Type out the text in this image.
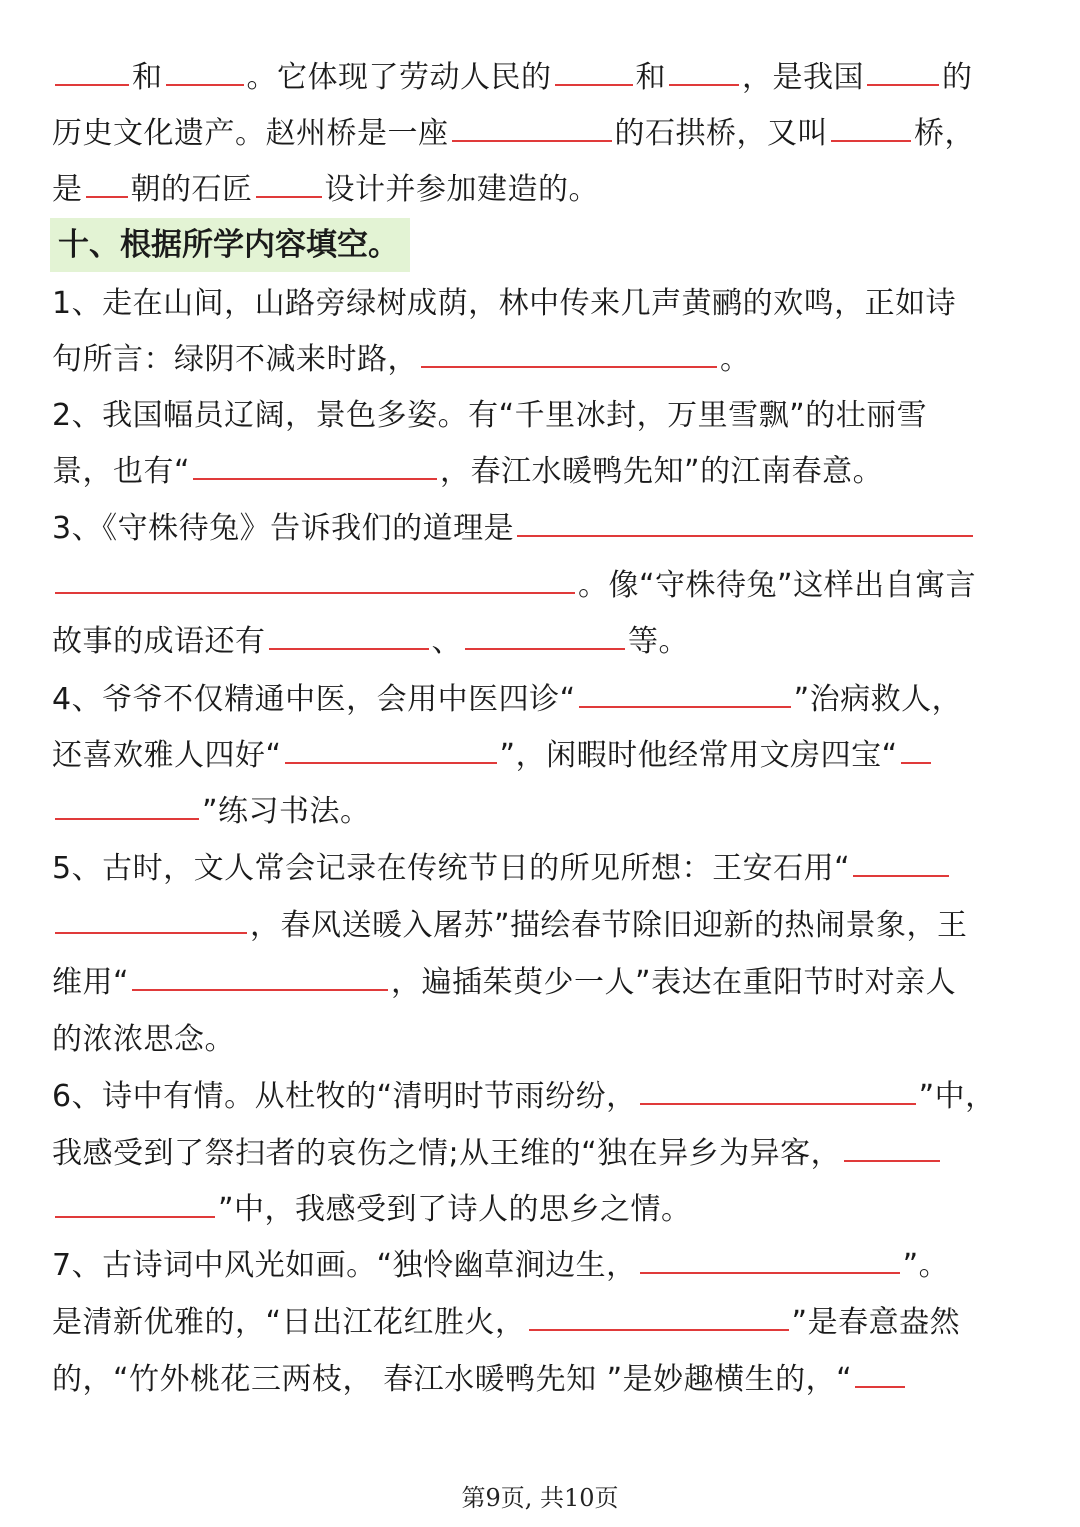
和	。它体现了劳动人民的	和	，是我国	的
历史文化遗产。赵州桥是一座	的石拱桥，又叫	桥，
是 朝的石匠 设计并参加建造的。
十、根据所学内容填空。
1、走在山间，山路旁绿树成荫，林中传来几声黄鹂的欢鸣，正如诗
句所言：绿阴不减来时路，	。
2、我国幅员辽阔，景色多姿。有“千里冰封，万里雪飘”的壮丽雪
景，也有“	，春江水暖鸭先知”的江南春意。
3、《守株待兔》告诉我们的道理是
。像“守株待兔”这样出自寓言
故事的成语还有	、	等。
4、爷爷不仅精通中医，会用中医四诊“	”治病救人，
还喜欢雅人四好“	”，闲暇时他经常用文房四宝“
”练习书法。
5、古时，文人常会记录在传统节日的所见所想：王安石用“
，春风送暖入屠苏”描绘春节除旧迎新的热闹景象，王
维用“	，遍插茱萸少一人”表达在重阳节时对亲人
的浓浓思念。
6、诗中有情。从杜牧的“清明时节雨纷纷，	”中，
我感受到了祭扫者的哀伤之情;从王维的“独在异乡为异客，
”中，我感受到了诗人的思乡之情。
7、古诗词中风光如画。“独怜幽草涧边生，	”。
是清新优雅的，“日出江花红胜火，	”是春意盎然
的，“竹外桃花三两枝， 春江水暖鸭先知 ”是妙趣横生的，“
第9页, 共10页
